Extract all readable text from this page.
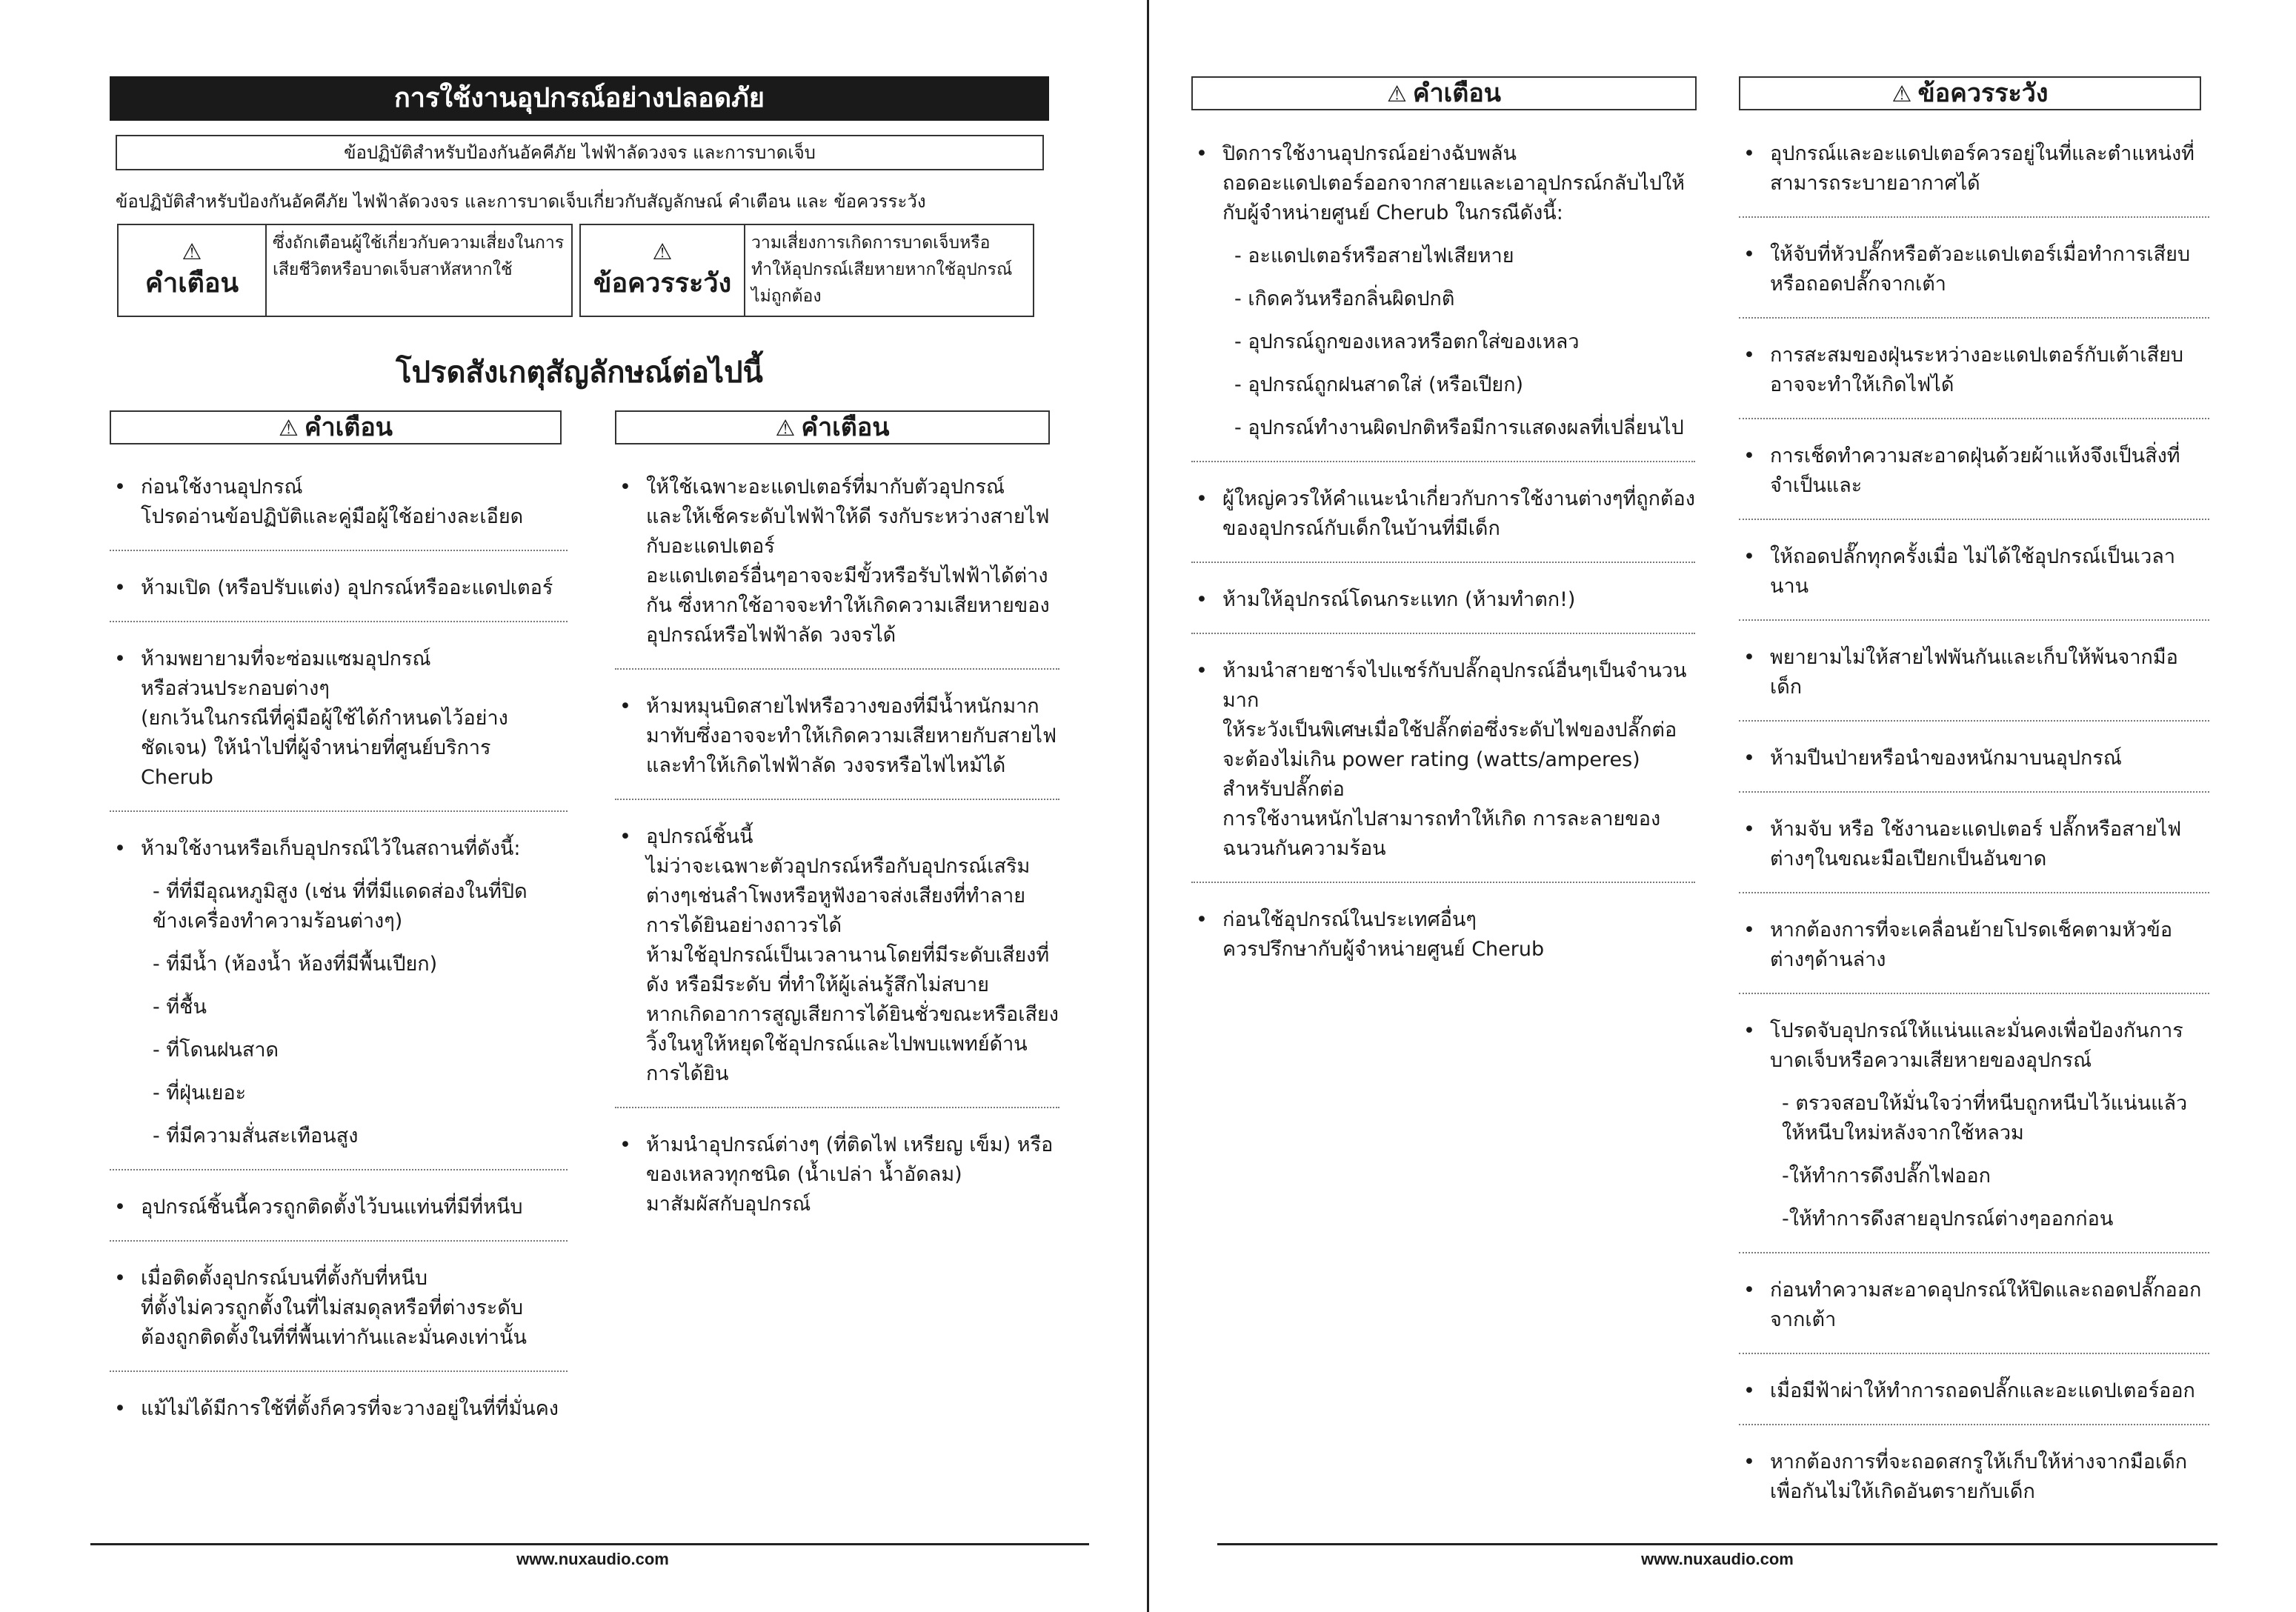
การใช้งานอุปกรณ์อย่างปลอดภัย
ข้อปฏิบัติสำหรับป้องกันอัคคีภัย ไฟฟ้าลัดวงจร และการบาดเจ็บ
ข้อปฏิบัติสำหรับป้องกันอัคคีภัย ไฟฟ้าลัดวงจร และการบาดเจ็บเกี่ยวกับสัญลักษณ์ คำเตือน และ ข้อควรระวัง
⚠
คำเตือน
ซึ่งถักเตือนผู้ใช้เกี่ยวกับความเสี่ยงในการเสียชีวิตหรือบาดเจ็บสาหัสหากใช้
⚠
ข้อควรระวัง
วามเสี่ยงการเกิดการบาดเจ็บหรือทำให้อุปกรณ์เสียหายหากใช้อุปกรณ์ไม่ถูกต้อง
โปรดสังเกตุสัญลักษณ์ต่อไปนี้
⚠ คำเตือน	⚠ คำเตือน
• ก่อนใช้งานอุปกรณ์
โปรดอ่านข้อปฏิบัติและคู่มือผู้ใช้อย่างละเอียด
• ห้ามเปิด (หรือปรับแต่ง) อุปกรณ์หรืออะแดปเตอร์
• ห้ามพยายามที่จะซ่อมแซมอุปกรณ์
หรือส่วนประกอบต่างๆ
(ยกเว้นในกรณีที่คู่มือผู้ใช้ได้กำหนดไว้อย่างชัดเจน) ให้นำไปที่ผู้จำหน่ายที่ศูนย์บริการ Cherub
• ห้ามใช้งานหรือเก็บอุปกรณ์ไว้ในสถานที่ดังนี้:
- ที่ที่มีอุณหภูมิสูง (เช่น ที่ที่มีแดดส่องในที่ปิด ข้างเครื่องทำความร้อนต่างๆ)
- ที่มีน้ำ (ห้องน้ำ ห้องที่มีพื้นเปียก)
- ที่ชื้น
- ที่โดนฝนสาด
- ที่ฝุ่นเยอะ
- ที่มีความสั่นสะเทือนสูง
• อุปกรณ์ชิ้นนี้ควรถูกติดตั้งไว้บนแท่นที่มีที่หนีบ
• เมื่อติดตั้งอุปกรณ์บนที่ตั้งกับที่หนีบ
ที่ตั้งไม่ควรถูกตั้งในที่ไม่สมดุลหรือที่ต่างระดับ
ต้องถูกติดตั้งในที่ที่พื้นเท่ากันและมั่นคงเท่านั้น
• แม้ไม่ได้มีการใช้ที่ตั้งก็ควรที่จะวางอยู่ในที่ที่มั่นคง
• ให้ใช้เฉพาะอะแดปเตอร์ที่มากับตัวอุปกรณ์
และให้เช็คระดับไฟฟ้าให้ดี รงกับระหว่างสายไฟกับอะแดปเตอร์
อะแดปเตอร์อื่นๆอาจจะมีขั้วหรือรับไฟฟ้าได้ต่างกัน ซึ่งหากใช้อาจจะทำให้เกิดความเสียหายของอุปกรณ์หรือไฟฟ้าลัด วงจรได้
• ห้ามหมุนบิดสายไฟหรือวางของที่มีน้ำหนักมากมาทับซึ่งอาจจะทำให้เกิดความเสียหายกับสายไฟและทำให้เกิดไฟฟ้าลัด วงจรหรือไฟไหม้ได้
• อุปกรณ์ชิ้นนี้
ไม่ว่าจะเฉพาะตัวอุปกรณ์หรือกับอุปกรณ์เสริมต่างๆเช่นลำโพงหรือหูฟังอาจส่งเสียงที่ทำลายการได้ยินอย่างถาวรได้
ห้ามใช้อุปกรณ์เป็นเวลานานโดยที่มีระดับเสียงที่ดัง หรือมีระดับ ที่ทำให้ผู้เล่นรู้สึกไม่สบาย
หากเกิดอาการสูญเสียการได้ยินชั่วขณะหรือเสียงวิ้งในหูให้หยุดใช้อุปกรณ์และไปพบแพทย์ด้านการได้ยิน
• ห้ามนำอุปกรณ์ต่างๆ (ที่ติดไฟ เหรียญ เข็ม) หรือของเหลวทุกชนิด (น้ำเปล่า น้ำอัดลม)
มาสัมผัสกับอุปกรณ์
www.nuxaudio.com
⚠ คำเตือน	⚠ ข้อควรระวัง
• ปิดการใช้งานอุปกรณ์อย่างฉับพลัน
ถอดอะแดปเตอร์ออกจากสายและเอาอุปกรณ์กลับไปให้กับผู้จำหน่ายศูนย์ Cherub ในกรณีดังนี้:
- อะแดปเตอร์หรือสายไฟเสียหาย
- เกิดควันหรือกลิ่นผิดปกติ
- อุปกรณ์ถูกของเหลวหรือตกใส่ของเหลว
- อุปกรณ์ถูกฝนสาดใส่ (หรือเปียก)
- อุปกรณ์ทำงานผิดปกติหรือมีการแสดงผลที่เปลี่ยนไป
• ผู้ใหญ่ควรให้คำแนะนำเกี่ยวกับการใช้งานต่างๆที่ถูกต้องของอุปกรณ์กับเด็กในบ้านที่มีเด็ก
• ห้ามให้อุปกรณ์โดนกระแทก (ห้ามทำตก!)
• ห้ามนำสายชาร์จไปแชร์กับปลั๊กอุปกรณ์อื่นๆเป็นจำนวนมาก
ให้ระวังเป็นพิเศษเมื่อใช้ปลั๊กต่อซึ่งระดับไฟของปลั๊กต่อจะต้องไม่เกิน power rating (watts/amperes) สำหรับปลั๊กต่อ
การใช้งานหนักไปสามารถทำให้เกิด การละลายของฉนวนกันความร้อน
• ก่อนใช้อุปกรณ์ในประเทศอื่นๆ
ควรปรึกษากับผู้จำหน่ายศูนย์ Cherub
• อุปกรณ์และอะแดปเตอร์ควรอยู่ในที่และตำแหน่งที่สามารถระบายอากาศได้
• ให้จับที่หัวปลั๊กหรือตัวอะแดปเตอร์เมื่อทำการเสียบหรือถอดปลั๊กจากเต้า
• การสะสมของฝุ่นระหว่างอะแดปเตอร์กับเต้าเสียบอาจจะทำให้เกิดไฟได้
• การเช็ดทำความสะอาดฝุ่นด้วยผ้าแห้งจึงเป็นสิ่งที่จำเป็นและ
• ให้ถอดปลั๊กทุกครั้งเมื่อ ไม่ได้ใช้อุปกรณ์เป็นเวลานาน
• พยายามไม่ให้สายไฟพันกันและเก็บให้พ้นจากมือเด็ก
• ห้ามปีนป่ายหรือนำของหนักมาบนอุปกรณ์
• ห้ามจับ หรือ ใช้งานอะแดปเตอร์ ปลั๊กหรือสายไฟต่างๆในขณะมือเปียกเป็นอันขาด
• หากต้องการที่จะเคลื่อนย้ายโปรดเช็คตามหัวข้อต่างๆด้านล่าง
• โปรดจับอุปกรณ์ให้แน่นและมั่นคงเพื่อป้องกันการบาดเจ็บหรือความเสียหายของอุปกรณ์
- ตรวจสอบให้มั่นใจว่าที่หนีบถูกหนีบไว้แน่นแล้วให้หนีบใหม่หลังจากใช้หลวม
-ให้ทำการดึงปลั๊กไฟออก
-ให้ทำการดึงสายอุปกรณ์ต่างๆออกก่อน
• ก่อนทำความสะอาดอุปกรณ์ให้ปิดและถอดปลั๊กออกจากเต้า
• เมื่อมีฟ้าผ่าให้ทำการถอดปลั๊กและอะแดปเตอร์ออก
• หากต้องการที่จะถอดสกรูให้เก็บให้ห่างจากมือเด็กเพื่อกันไม่ให้เกิดอันตรายกับเด็ก
www.nuxaudio.com
